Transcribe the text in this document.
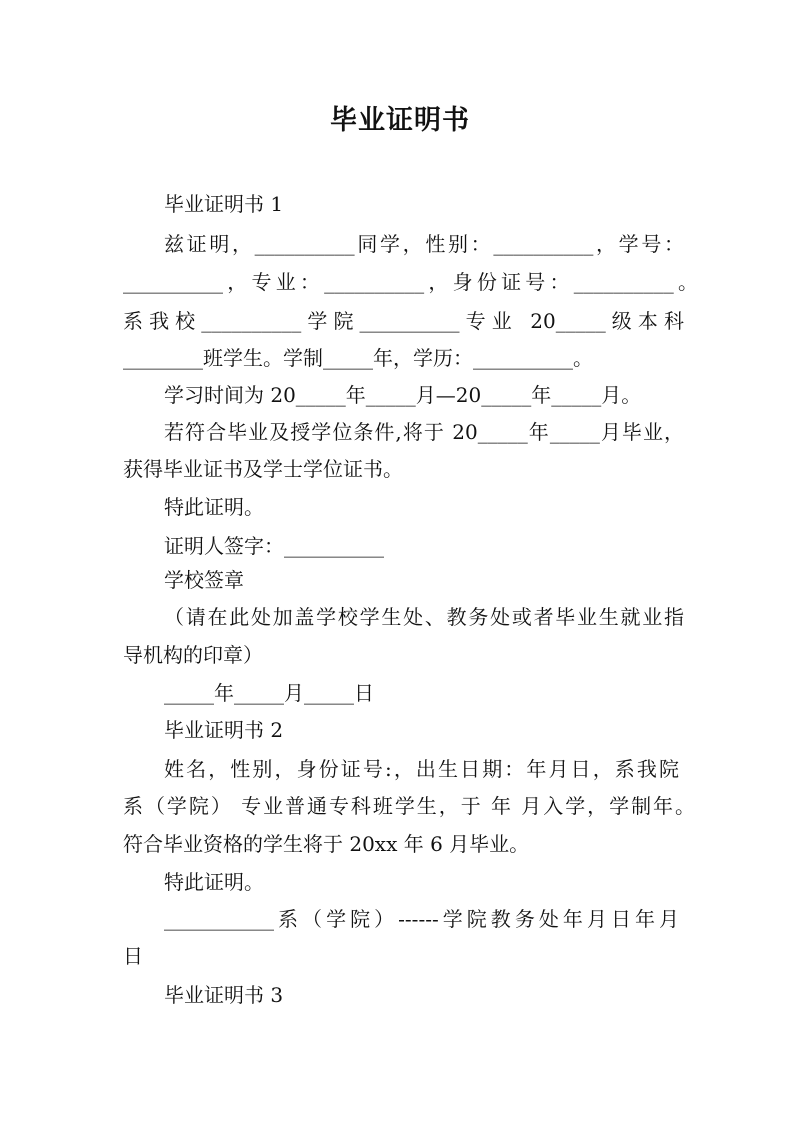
毕业证明书
毕业证明书 1
兹证明，__________同学，性别：__________，学号：
__________，专业：__________，身份证号：__________。
系我校__________学院__________专业 20_____级本科
________班学生。学制_____年，学历：__________。
学习时间为 20_____年_____月—20_____年_____月。
若符合毕业及授学位条件,将于 20_____年_____月毕业，
获得毕业证书及学士学位证书。
特此证明。
证明人签字：__________
学校签章
（请在此处加盖学校学生处、教务处或者毕业生就业指
导机构的印章）
_____年_____月_____日
毕业证明书 2
姓名，性别，身份证号:，出生日期：年月日，系我院
系（学院） 专业普通专科班学生，于 年 月入学，学制年。
符合毕业资格的学生将于 20xx 年 6 月毕业。
特此证明。
___________系（学院）------学院教务处年月日年月
日
毕业证明书 3
